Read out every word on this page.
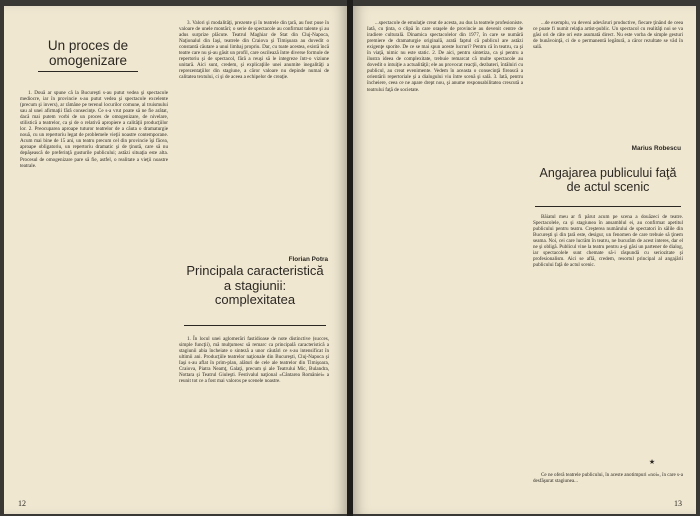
Un proces de omogenizare

1. Două ar spune că la Bucureşti s-au putut vedea şi spectacole mediocre, iar în provincie s-au putut vedea şi spectacole excelente (precum şi invers), ar rămâne pe terenul locurilor comune, al truismului sau al unei afirmaţii fără consecinţe. Ce s-a vrut poate să ne fie arătat, dacă mai putem vorbi de un proces de omogenizare, de nivelare, stilistică a teatrelor, ca şi de o relativă apropiere a calităţii producţiilor lor. 2. Preocuparea aproape tuturor teatrelor de a căuta o dramaturgie nouă, cu un repertoriu legat de problemele vieţii noastre contemporane. Acum mai bine de 15 ani, un teatru precum cel din provincie îşi făcea, aproape obligatoriu, un repertoriu dramatic şi de ţinută, care să nu depăşească de preferinţă gusturile publicului; astăzi situaţia este alta. Procesul de omogenizare pare să fie, astfel, o realitate a vieţii noastre teatrale.

3. Valori şi modalităţi, prezente şi în teatrele din ţară, au fost puse în valoare de unele montări; o serie de spectacole au confirmat talente şi au adus surprize plăcute. Teatrul Maghiar de Stat din Cluj-Napoca, Naţionalul din Iaşi, teatrele din Craiova şi Timişoara au dovedit o constantă căutare a unui limbaj propriu. Dar, cu toate acestea, există încă teatre care nu şi-au găsit un profil, care oscilează între diverse formule de repertoriu şi de spectacol, fără a reuşi să le integreze într-o viziune unitară. Aici sunt, credem, şi explicaţiile unei anumite inegalităţi a reprezentaţiilor din stagiune, a căror valoare nu depinde numai de calitatea textului, ci şi de aceea a echipelor de creaţie.

Florian Potra
Principala caracteristică a stagiunii: complexitatea

1. În locul unei aglomerări fastidioase de note distinctive (succes, simple funcţii), mă mulţumesc să remarc ca principală caracteristică a stagiunii abia încheiate o sinteză a unor căutări ce s-au intensificat în ultimii ani. Producţiile teatrelor naţionale din Bucureşti, Cluj-Napoca şi Iaşi s-au aflat în prim-plan, alături de cele ale teatrelor din Timişoara, Craiova, Piatra Neamţ, Galaţi, precum şi ale Teatrului Mic, Bulandra, Nottara şi Teatrul Giuleşti. Festivalul naţional «Cântarea României» a reunit tot ce a fost mai valoros pe scenele noastre.

12

...spectacole de emulaţie creat de acesta, au dus la teatrele profesioniste. Iată, cu ţinta, o clipă în care oraşele de provincie au devenit centre de iradiere culturală. Dinamica spectacolelor din 1977, în care se numără premiere de dramaturgie originală, arată faptul că publicul are astăzi exigenţe sporite. De ce se mai spun aceste lucruri? Pentru că în teatru, ca şi în viaţă, nimic nu este static. 2. De aici, pentru sintetiza, ca şi pentru a ilustra ideea de complexitate, trebuie remarcat că multe spectacole au dovedit o intuiţie a actualităţii; ele au provocat reacţii, dezbateri, întâlniri cu publicul, au creat evenimente. Vedem în aceasta o consecinţă firească a orientării repertoriale şi a dialogului viu între scenă şi sală. 3. Iată, pentru încheiere, ceea ce ne apare drept nou, şi anume responsabilitatea crescută a teatrului faţă de societate.

...de exemplu, va deveni adevăruri productive, fiecare ţinând de ceea ce poate fi numit relaţia artist-public. Un spectacol cu realităţi noi se va găsi ori de câte ori este asumată direct. Nu este vorba de simple gesturi de bunăvoinţă, ci de o permanentă legătură, a căror rezultate se văd în sală.

Marius Robescu
Angajarea publicului faţă de actul scenic

Băiatul meu ar fi părut acum pe scena a douăzeci de teatre. Spectacolele, ca şi stagiunea în ansamblul ei, au confirmat apetitul publicului pentru teatru. Creşterea numărului de spectatori în sălile din Bucureşti şi din ţară este, desigur, un fenomen de care trebuie să ţinem seama. Noi, cei care lucrăm în teatru, ne bucurăm de acest interes, dar el ne şi obligă. Publicul vine la teatru pentru a-şi găsi un partener de dialog, iar spectacolele sunt chemate să-i răspundă cu seriozitate şi profesionalism. Aici se află, credem, resortul principal al angajării publicului faţă de actul scenic.

★

Ce ne oferă teatrele publicului, în aceste anotimpuri «noi», în care s-a desfăşurat stagiunea...

13
